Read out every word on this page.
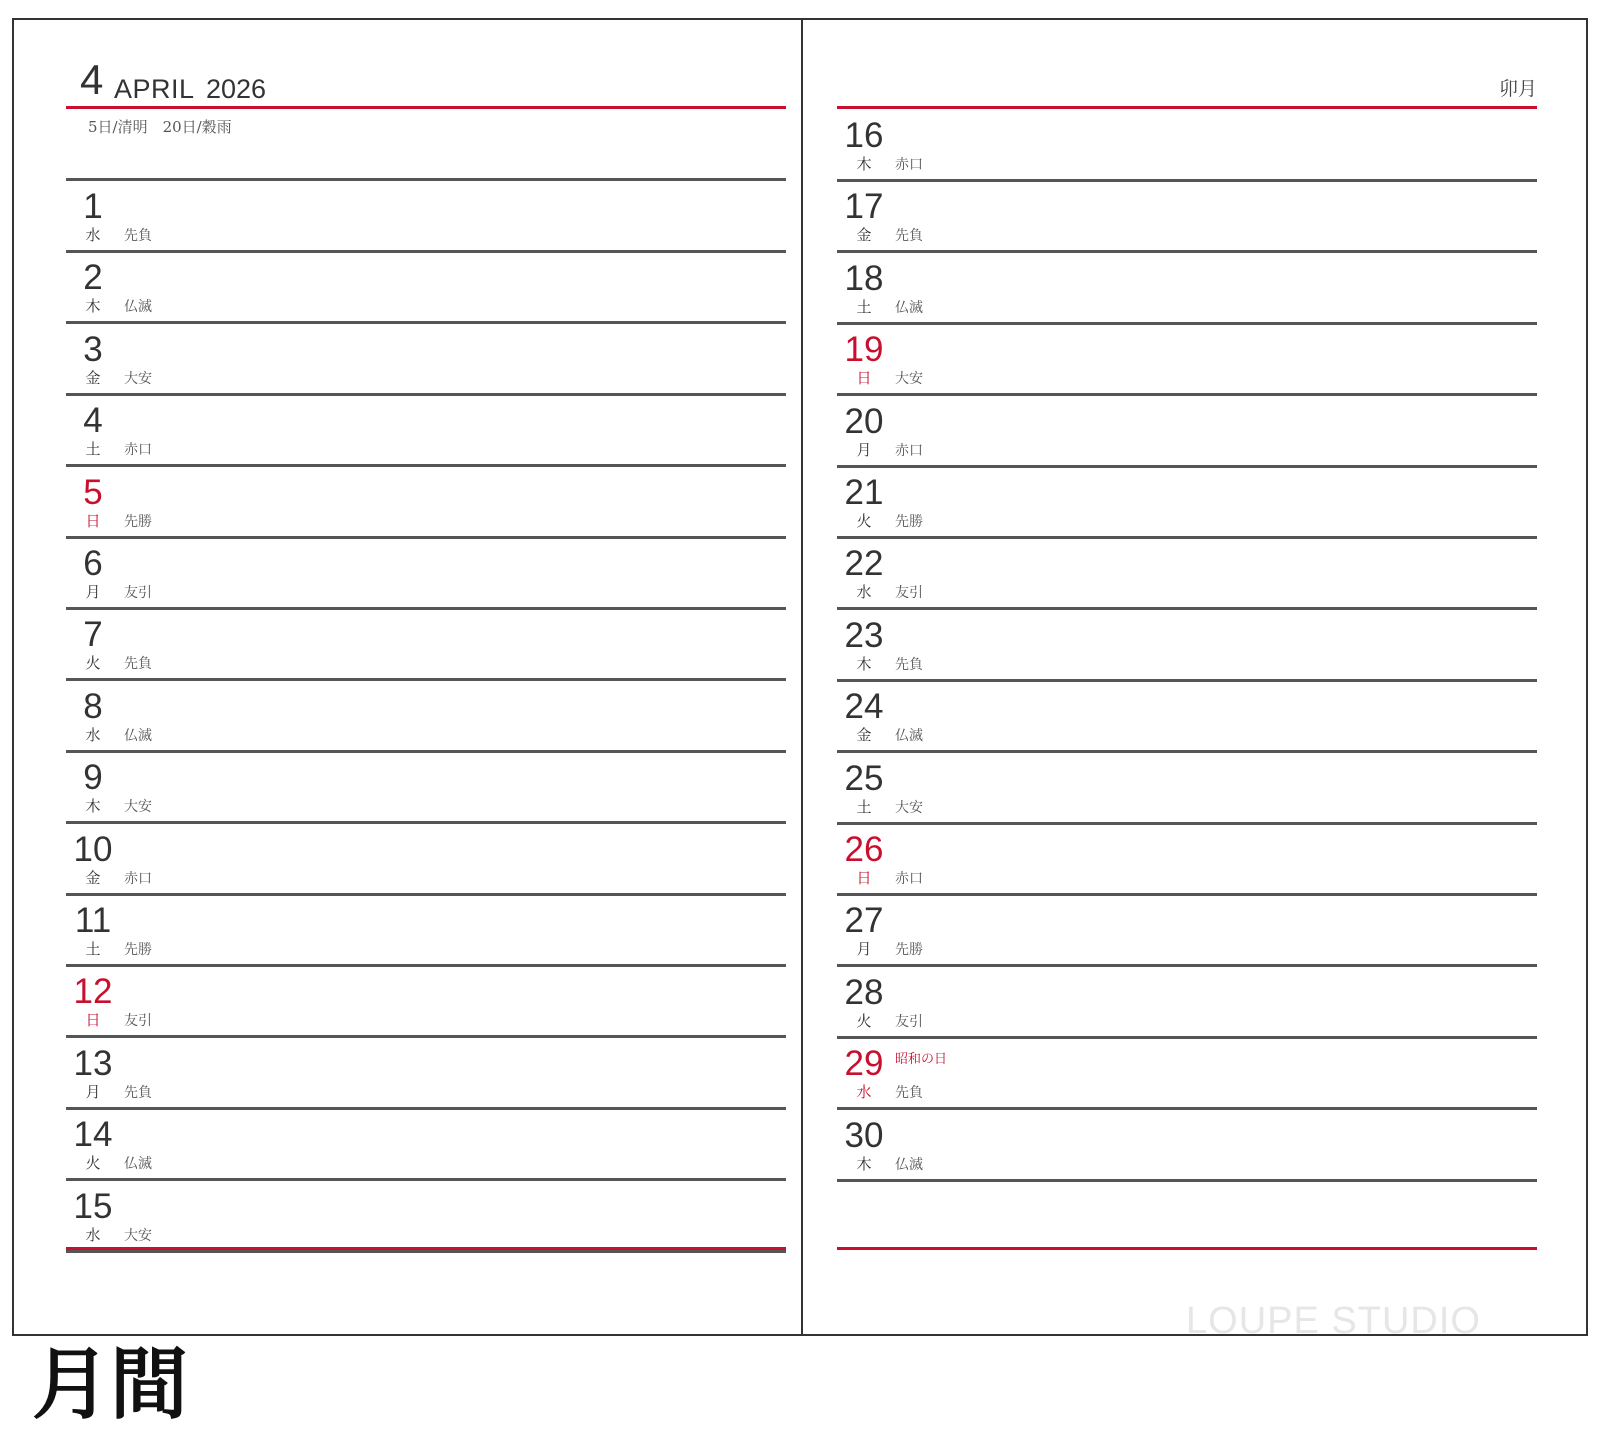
4 APRIL 2026
5日/清明　20日/穀雨
1
水 先負
2
木 仏滅
3
金 大安
4
土 赤口
5
日 先勝
6
月 友引
7
火 先負
8
水 仏滅
9
木 大安
10
金 赤口
11
土 先勝
12
日 友引
13
月 先負
14
火 仏滅
15
水 大安
卯月
16
木 赤口
17
金 先負
18
土 仏滅
19
日 大安
20
月 赤口
21
火 先勝
22
水 友引
23
木 先負
24
金 仏滅
25
土 大安
26
日 赤口
27
月 先勝
28
火 友引
29
水 先負
昭和の日
30
木 仏滅
LOUPE STUDIO
月間
